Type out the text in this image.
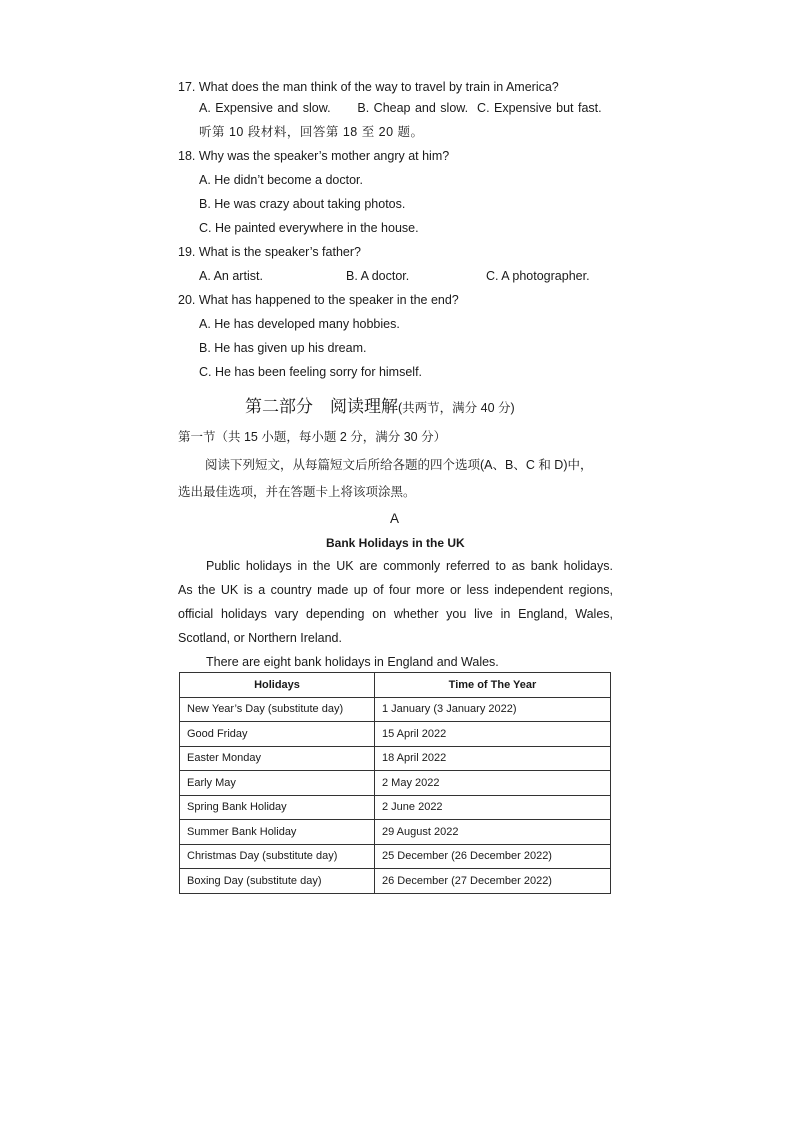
17. What does the man think of the way to travel by train in America?
A. Expensive and slow.      B. Cheap and slow.  C. Expensive but fast.
听第 10 段材料，回答第 18 至 20 题。
18. Why was the speaker’s mother angry at him?
A. He didn’t become a doctor.
B. He was crazy about taking photos.
C. He painted everywhere in the house.
19. What is the speaker’s father?
A. An artist.	B. A doctor.	C. A photographer.
20. What has happened to the speaker in the end?
A. He has developed many hobbies.
B. He has given up his dream.
C. He has been feeling sorry for himself.
第二部分　阅读理解(共两节，满分 40 分)
第一节（共 15 小题，每小题 2 分，满分 30 分）
阅读下列短文，从每篇短文后所给各题的四个选项(A、B、C 和 D)中，
选出最佳选项，并在答题卡上将该项涂黑。
A
Bank Holidays in the UK
Public holidays in the UK are commonly referred to as bank holidays.
As the UK is a country made up of four more or less independent regions,
official holidays vary depending on whether you live in England, Wales,
Scotland, or Northern Ireland.
There are eight bank holidays in England and Wales.
Holidays	Time of The Year
New Year’s Day (substitute day)	1 January (3 January 2022)
Good Friday	15 April 2022
Easter Monday	18 April 2022
Early May	2 May 2022
Spring Bank Holiday	2 June 2022
Summer Bank Holiday	29 August 2022
Christmas Day (substitute day)	25 December (26 December 2022)
Boxing Day (substitute day)	26 December (27 December 2022)
